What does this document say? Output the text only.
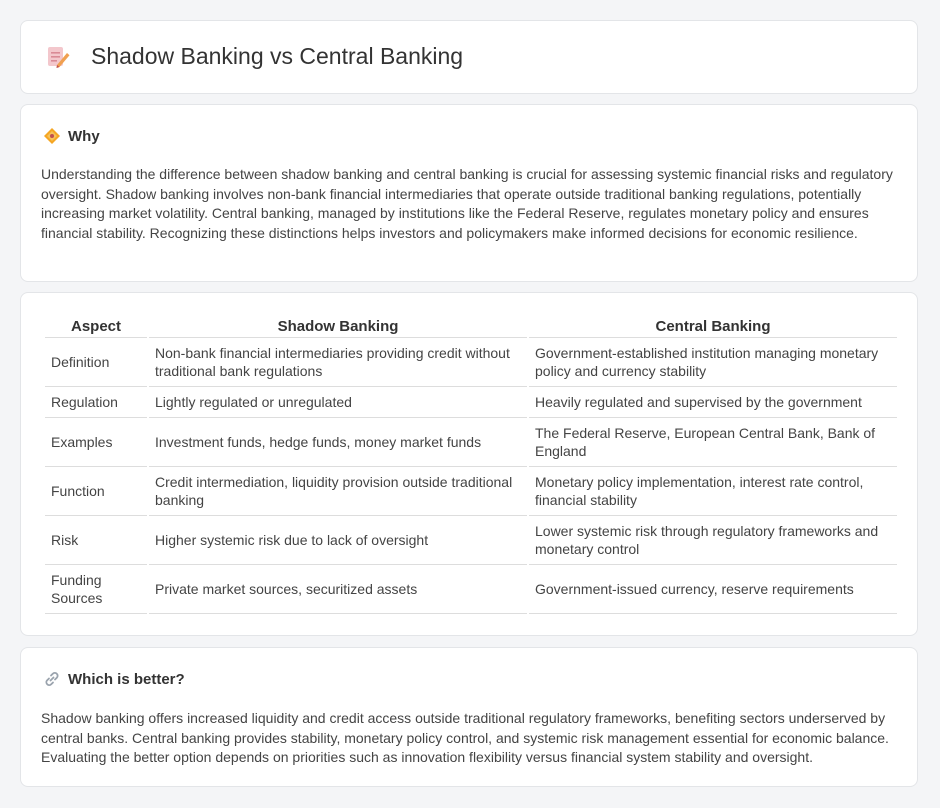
Shadow Banking vs Central Banking
Why

Understanding the difference between shadow banking and central banking is crucial for assessing systemic financial risks and regulatory oversight. Shadow banking involves non-bank financial intermediaries that operate outside traditional banking regulations, potentially increasing market volatility. Central banking, managed by institutions like the Federal Reserve, regulates monetary policy and ensures financial stability. Recognizing these distinctions helps investors and policymakers make informed decisions for economic resilience.

Aspect	Shadow Banking	Central Banking
Definition	Non-bank financial intermediaries providing credit without traditional bank regulations	Government-established institution managing monetary policy and currency stability
Regulation	Lightly regulated or unregulated	Heavily regulated and supervised by the government
Examples	Investment funds, hedge funds, money market funds	The Federal Reserve, European Central Bank, Bank of England
Function	Credit intermediation, liquidity provision outside traditional banking	Monetary policy implementation, interest rate control, financial stability
Risk	Higher systemic risk due to lack of oversight	Lower systemic risk through regulatory frameworks and monetary control
Funding Sources	Private market sources, securitized assets	Government-issued currency, reserve requirements
Which is better?

Shadow banking offers increased liquidity and credit access outside traditional regulatory frameworks, benefiting sectors underserved by central banks. Central banking provides stability, monetary policy control, and systemic risk management essential for economic balance. Evaluating the better option depends on priorities such as innovation flexibility versus financial system stability and oversight.
